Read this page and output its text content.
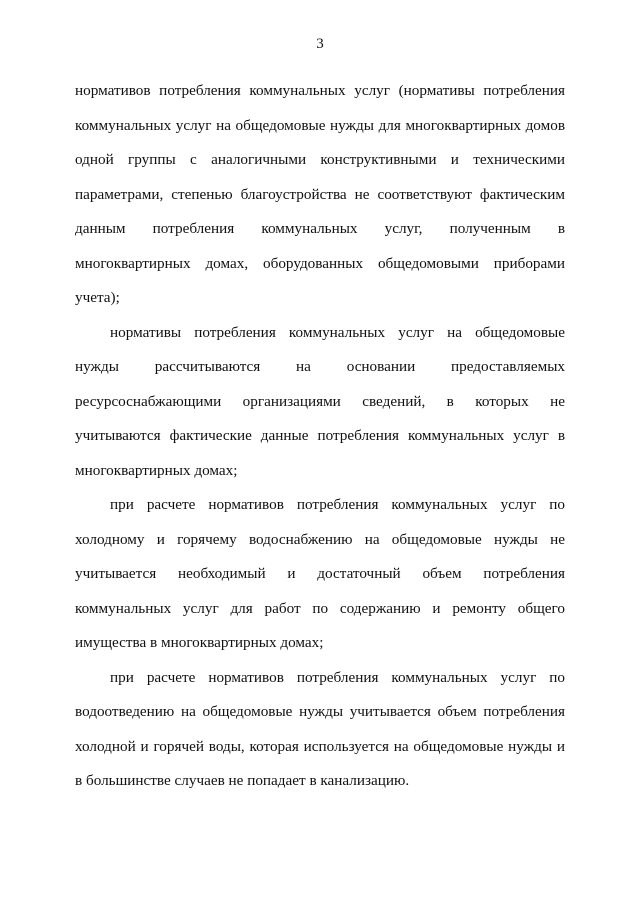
3

нормативов потребления коммунальных услуг (нормативы потребления коммунальных услуг на общедомовые нужды для многоквартирных домов одной группы с аналогичными конструктивными и техническими параметрами, степенью благоустройства не соответствуют фактическим данным потребления коммунальных услуг, полученным в многоквартирных домах, оборудованных общедомовыми приборами учета);

нормативы потребления коммунальных услуг на общедомовые нужды рассчитываются на основании предоставляемых ресурсоснабжающими организациями сведений, в которых не учитываются фактические данные потребления коммунальных услуг в многоквартирных домах;

при расчете нормативов потребления коммунальных услуг по холодному и горячему водоснабжению на общедомовые нужды не учитывается необходимый и достаточный объем потребления коммунальных услуг для работ по содержанию и ремонту общего имущества в многоквартирных домах;

при расчете нормативов потребления коммунальных услуг по водоотведению на общедомовые нужды учитывается объем потребления холодной и горячей воды, которая используется на общедомовые нужды и в большинстве случаев не попадает в канализацию.
